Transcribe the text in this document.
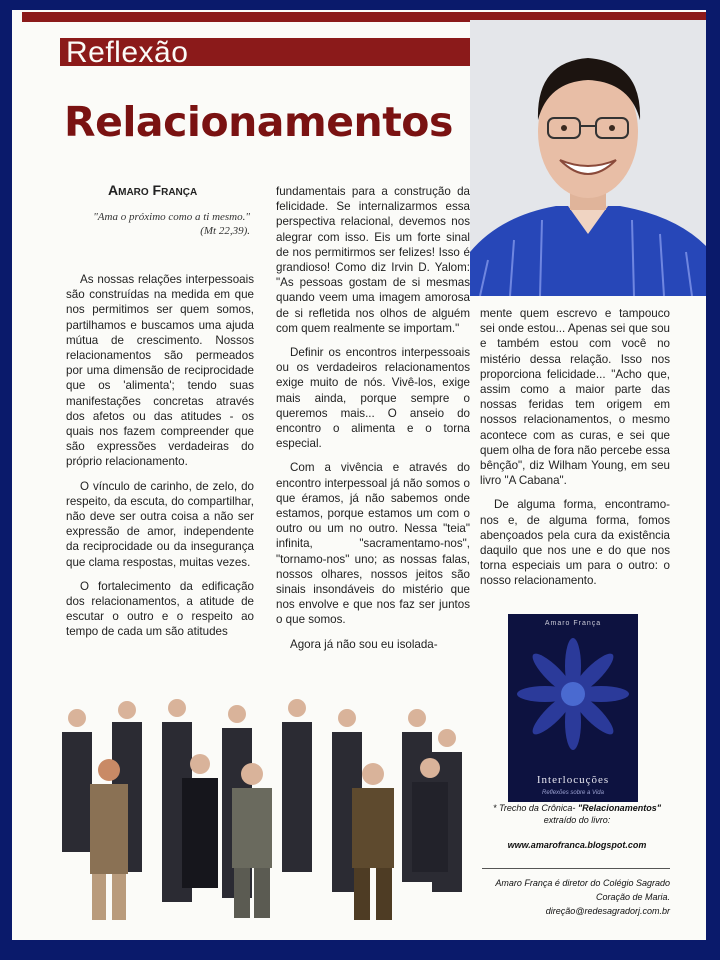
Reflexão
Relacionamentos
Amaro França
"Ama o próximo como a ti mesmo."
(Mt 22,39).

As nossas relações interpessoais são construídas na medida em que nos permitimos ser quem somos, partilhamos e buscamos uma ajuda mútua de crescimento. Nossos relacionamentos são permeados por uma dimensão de reciprocidade que os 'alimenta'; tendo suas manifestações concretas através dos afetos ou das atitudes - os quais nos fazem compreender que são expressões verdadeiras do próprio relacionamento.

O vínculo de carinho, de zelo, do respeito, da escuta, do compartilhar, não deve ser outra coisa a não ser expressão de amor, independente da reciprocidade ou da insegurança que clama respostas, muitas vezes.

O fortalecimento da edificação dos relacionamentos, a atitude de escutar o outro e o respeito ao tempo de cada um são atitudes

fundamentais para a construção da felicidade. Se internalizarmos essa perspectiva relacional, devemos nos alegrar com isso. Eis um forte sinal de nos permitirmos ser felizes! Isso é grandioso! Como diz Irvin D. Yalom: "As pessoas gostam de si mesmas quando veem uma imagem amorosa de si refletida nos olhos de alguém com quem realmente se importam."

Definir os encontros interpessoais ou os verdadeiros relacionamentos exige muito de nós. Vivê-los, exige mais ainda, porque sempre o queremos mais... O anseio do encontro o alimenta e o torna especial.

Com a vivência e através do encontro interpessoal já não somos o que éramos, já não sabemos onde estamos, porque estamos um com o outro ou um no outro. Nessa "teia" infinita, "sacramentamo-nos", "tornamo-nos" uno; as nossas falas, nossos olhares, nossos jeitos são sinais insondáveis do mistério que nos envolve e que nos faz ser juntos o que somos.

Agora já não sou eu isolada-

mente quem escrevo e tampouco sei onde estou... Apenas sei que sou e também estou com você no mistério dessa relação. Isso nos proporciona felicidade... "Acho que, assim como a maior parte das nossas feridas tem origem em nossos relacionamentos, o mesmo acontece com as curas, e sei que quem olha de fora não percebe essa bênção", diz Wilham Young, em seu livro "A Cabana".

De alguma forma, encontramo-nos e, de alguma forma, fomos abençoados pela cura da existência daquilo que nos une e do que nos torna especiais um para o outro: o nosso relacionamento.

Amaro França
Interlocuções
Reflexões sobre a Vida
* Trecho da Crônica- "Relacionamentos"
extraído do livro:
www.amarofranca.blogspot.com
Amaro França é diretor do Colégio Sagrado
Coração de Maria.
direção@redesagradorj.com.br
